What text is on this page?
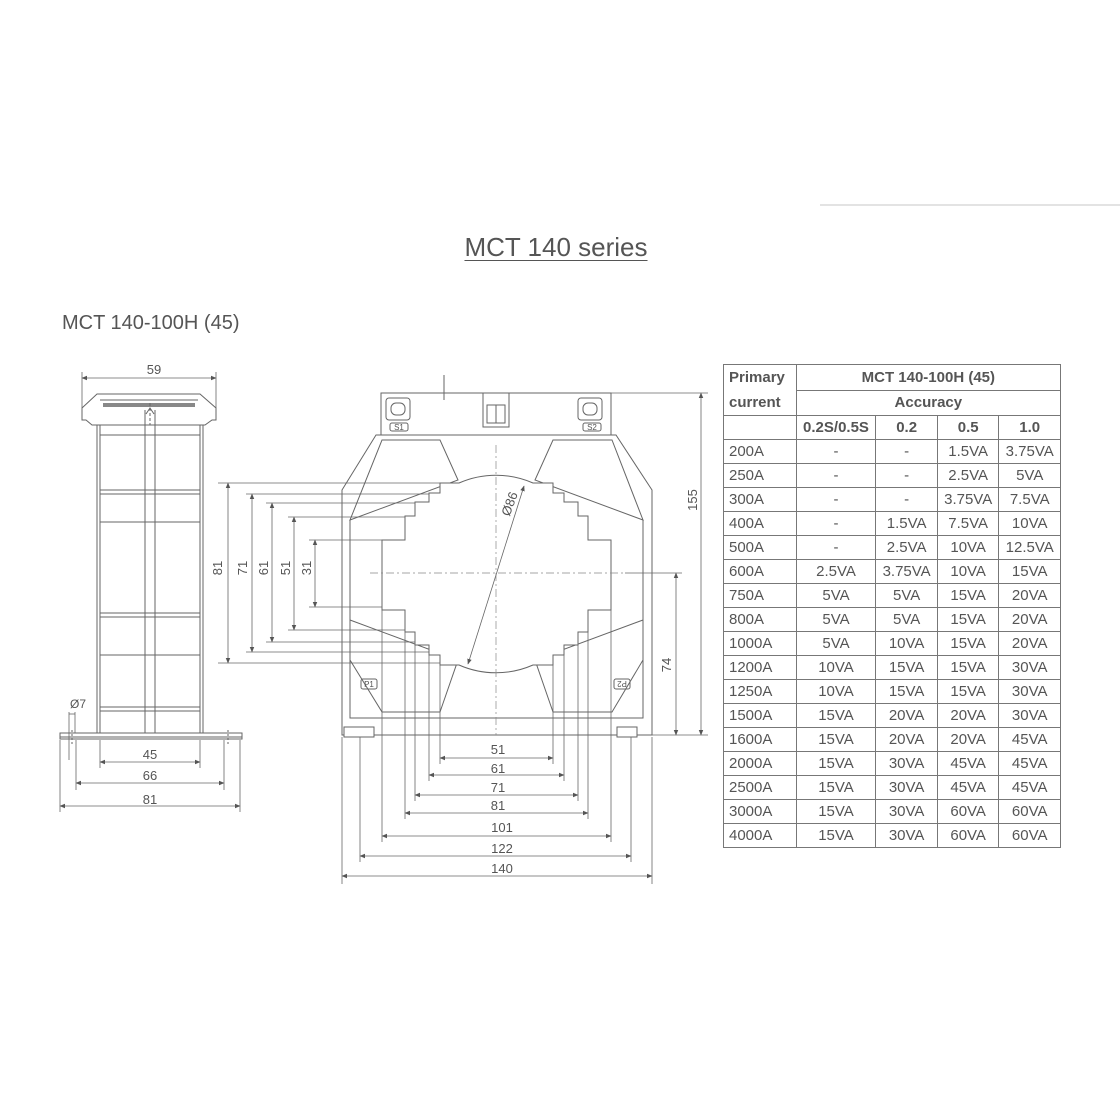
MCT 140 series
MCT 140-100H (45)
59
Ø7
45
66
81
S1	S2
P1	P2
Ø86	155
74
81 71 61 51 31
51
61
71
81
101
122
140
Primary
current	MCT 140-100H (45)			
	Accuracy			
	0.2S/0.5S	0.2	0.5	1.0
200A	-	-	1.5VA	3.75VA
250A	-	-	2.5VA	5VA
300A	-	-	3.75VA	7.5VA
400A	-	1.5VA	7.5VA	10VA
500A	-	2.5VA	10VA	12.5VA
600A	2.5VA	3.75VA	10VA	15VA
750A	5VA	5VA	15VA	20VA
800A	5VA	5VA	15VA	20VA
1000A	5VA	10VA	15VA	20VA
1200A	10VA	15VA	15VA	30VA
1250A	10VA	15VA	15VA	30VA
1500A	15VA	20VA	20VA	30VA
1600A	15VA	20VA	20VA	45VA
2000A	15VA	30VA	45VA	45VA
2500A	15VA	30VA	45VA	45VA
3000A	15VA	30VA	60VA	60VA
4000A	15VA	30VA	60VA	60VA
